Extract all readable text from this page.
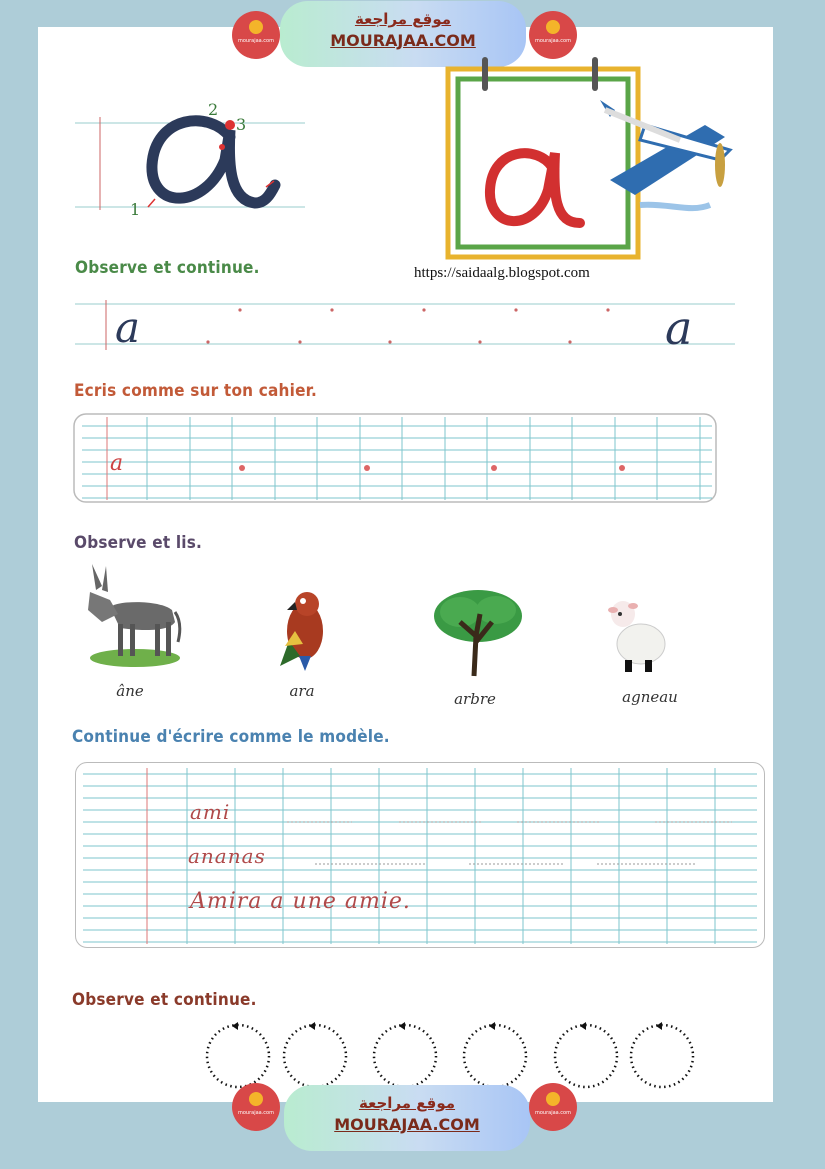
mourajaa.com
موقع مراجعة
MOURAJAA.COM	mourajaa.com
2
3
1
https://saidaalg.blogspot.com
Observe et continue.
a	a
Ecris comme sur ton cahier.
a
Observe et lis.
âne	ara	arbre	agneau
Continue d'écrire comme le modèle.
ami
ananas
Amira a une amie.
Observe et continue.
mourajaa.com
موقع مراجعة
MOURAJAA.COM
mourajaa.com
